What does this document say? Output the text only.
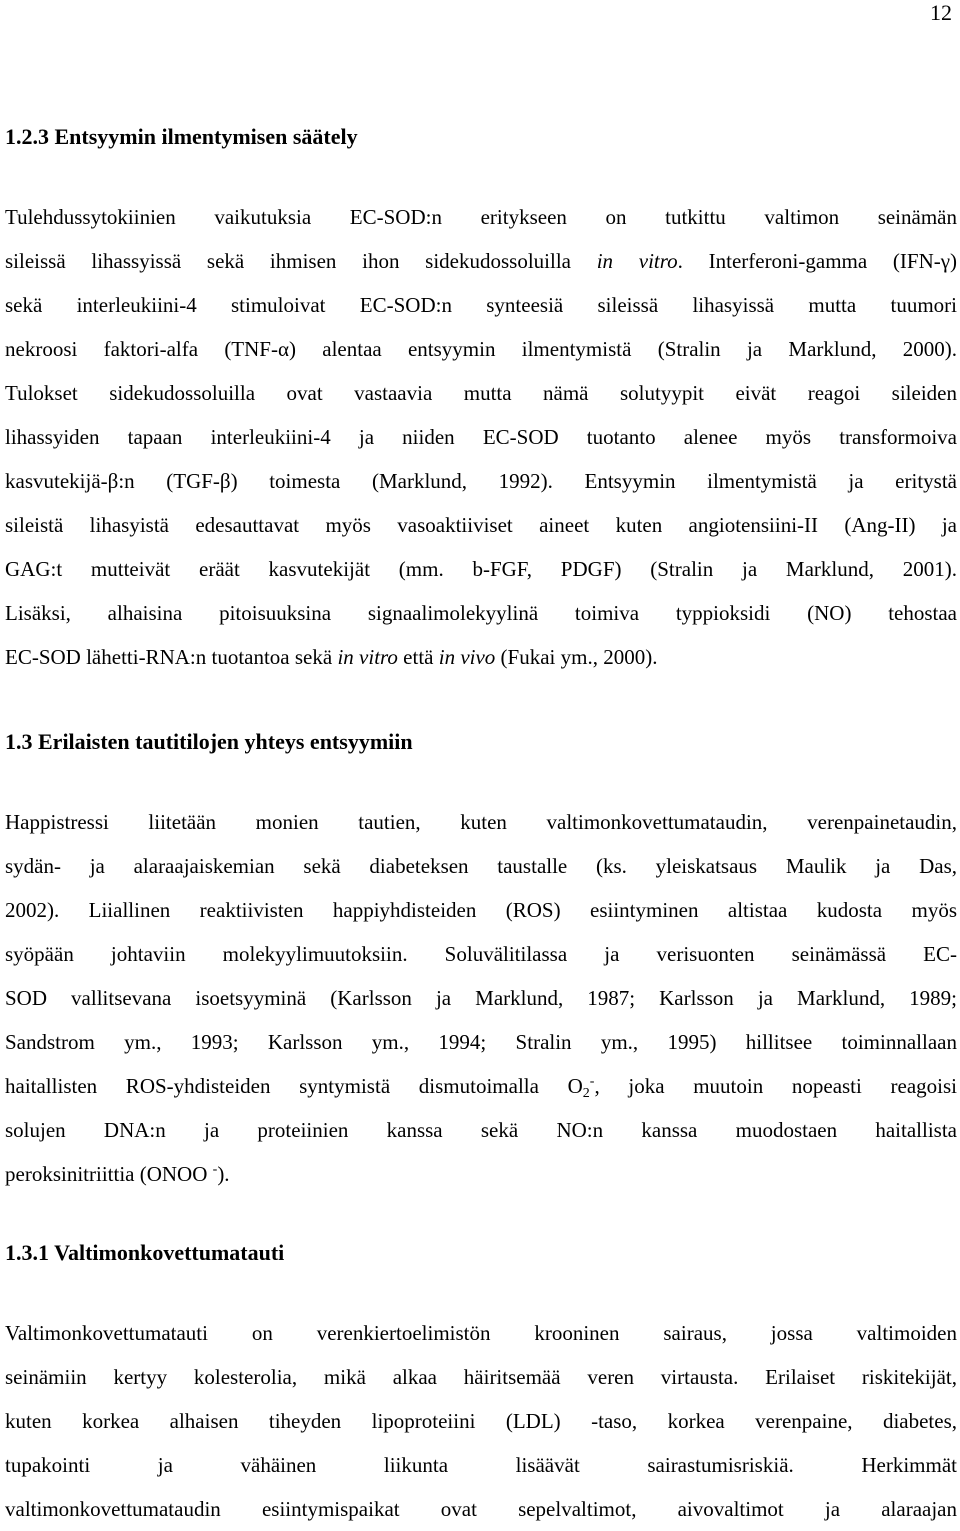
12
1.2.3 Entsyymin ilmentymisen säätely
Tulehdussytokiinien vaikutuksia EC-SOD:n eritykseen on tutkittu valtimon seinämän
sileissä lihassyissä sekä ihmisen ihon sidekudossoluilla in vitro. Interferoni-gamma (IFN-γ)
sekä interleukiini-4 stimuloivat EC-SOD:n synteesiä sileissä lihasyissä mutta tuumori
nekroosi faktori-alfa (TNF-α) alentaa entsyymin ilmentymistä (Stralin ja Marklund, 2000).
Tulokset sidekudossoluilla ovat vastaavia mutta nämä solutyypit eivät reagoi sileiden
lihassyiden tapaan interleukiini-4 ja niiden EC-SOD tuotanto alenee myös transformoiva
kasvutekijä-β:n (TGF-β) toimesta (Marklund, 1992). Entsyymin ilmentymistä ja eritystä
sileistä lihasyistä edesauttavat myös vasoaktiiviset aineet kuten angiotensiini-II (Ang-II) ja
GAG:t mutteivät eräät kasvutekijät (mm. b-FGF, PDGF) (Stralin ja Marklund, 2001).
Lisäksi, alhaisina pitoisuuksina signaalimolekyylinä toimiva typpioksidi (NO) tehostaa
EC-SOD lähetti-RNA:n tuotantoa sekä in vitro että in vivo (Fukai ym., 2000).
1.3 Erilaisten tautitilojen yhteys entsyymiin
Happistressi liitetään monien tautien, kuten valtimonkovettumataudin, verenpainetaudin,
sydän- ja alaraajaiskemian sekä diabeteksen taustalle (ks. yleiskatsaus Maulik ja Das,
2002). Liiallinen reaktiivisten happiyhdisteiden (ROS) esiintyminen altistaa kudosta myös
syöpään johtaviin molekyylimuutoksiin. Soluvälitilassa ja verisuonten seinämässä EC-
SOD vallitsevana isoetsyyminä (Karlsson ja Marklund, 1987; Karlsson ja Marklund, 1989;
Sandstrom ym., 1993; Karlsson ym., 1994; Stralin ym., 1995) hillitsee toiminnallaan
haitallisten ROS-yhdisteiden syntymistä dismutoimalla $O_2^-$, joka muutoin nopeasti reagoisi
solujen DNA:n ja proteiinien kanssa sekä NO:n kanssa muodostaen haitallista
peroksinitriittia (ONOO -).
1.3.1 Valtimonkovettumatauti
Valtimonkovettumatauti on verenkiertoelimistön krooninen sairaus, jossa valtimoiden
seinämiin kertyy kolesterolia, mikä alkaa häiritsemää veren virtausta. Erilaiset riskitekijät,
kuten korkea alhaisen tiheyden lipoproteiini (LDL) -taso, korkea verenpaine, diabetes,
tupakointi ja vähäinen liikunta lisäävät sairastumisriskiä. Herkimmät
valtimonkovettumataudin esiintymispaikat ovat sepelvaltimot, aivovaltimot ja alaraajan
